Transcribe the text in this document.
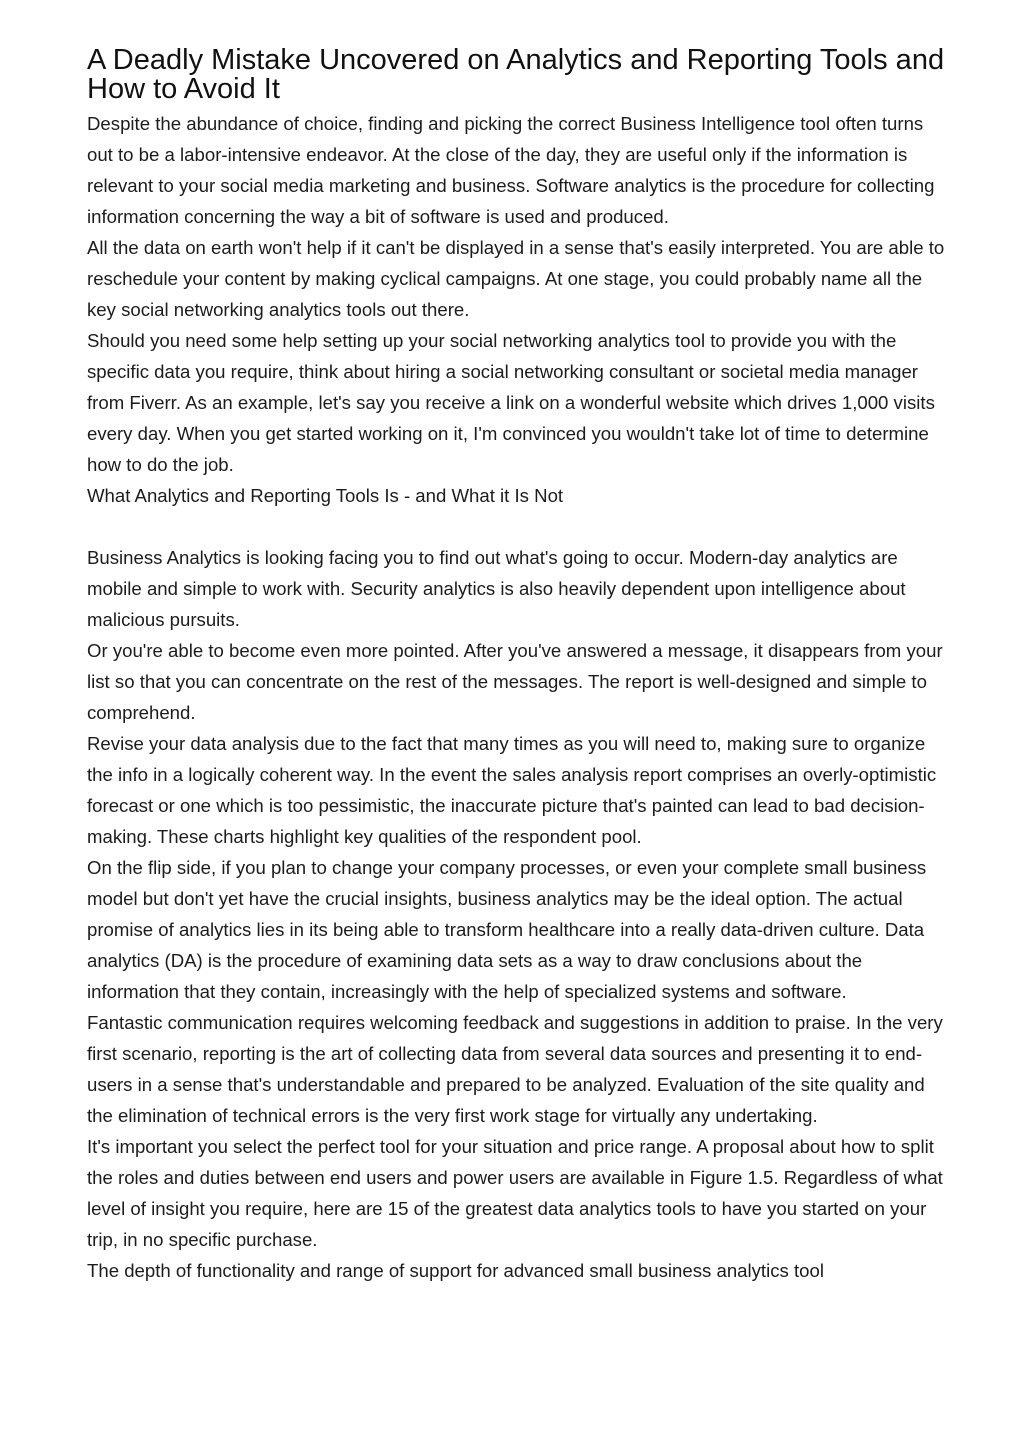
A Deadly Mistake Uncovered on Analytics and Reporting Tools and How to Avoid It

Despite the abundance of choice, finding and picking the correct Business Intelligence tool often turns out to be a labor-intensive endeavor. At the close of the day, they are useful only if the information is relevant to your social media marketing and business. Software analytics is the procedure for collecting information concerning the way a bit of software is used and produced.

All the data on earth won't help if it can't be displayed in a sense that's easily interpreted. You are able to reschedule your content by making cyclical campaigns. At one stage, you could probably name all the key social networking analytics tools out there.

Should you need some help setting up your social networking analytics tool to provide you with the specific data you require, think about hiring a social networking consultant or societal media manager from Fiverr. As an example, let's say you receive a link on a wonderful website which drives 1,000 visits every day. When you get started working on it, I'm convinced you wouldn't take lot of time to determine how to do the job.

What Analytics and Reporting Tools Is - and What it Is Not

Business Analytics is looking facing you to find out what's going to occur. Modern-day analytics are mobile and simple to work with. Security analytics is also heavily dependent upon intelligence about malicious pursuits.

Or you're able to become even more pointed. After you've answered a message, it disappears from your list so that you can concentrate on the rest of the messages. The report is well-designed and simple to comprehend.

Revise your data analysis due to the fact that many times as you will need to, making sure to organize the info in a logically coherent way. In the event the sales analysis report comprises an overly-optimistic forecast or one which is too pessimistic, the inaccurate picture that's painted can lead to bad decision-making. These charts highlight key qualities of the respondent pool.

On the flip side, if you plan to change your company processes, or even your complete small business model but don't yet have the crucial insights, business analytics may be the ideal option. The actual promise of analytics lies in its being able to transform healthcare into a really data-driven culture. Data analytics (DA) is the procedure of examining data sets as a way to draw conclusions about the information that they contain, increasingly with the help of specialized systems and software.

Fantastic communication requires welcoming feedback and suggestions in addition to praise. In the very first scenario, reporting is the art of collecting data from several data sources and presenting it to end-users in a sense that's understandable and prepared to be analyzed. Evaluation of the site quality and the elimination of technical errors is the very first work stage for virtually any undertaking.

It's important you select the perfect tool for your situation and price range. A proposal about how to split the roles and duties between end users and power users are available in Figure 1.5. Regardless of what level of insight you require, here are 15 of the greatest data analytics tools to have you started on your trip, in no specific purchase.

The depth of functionality and range of support for advanced small business analytics tool
